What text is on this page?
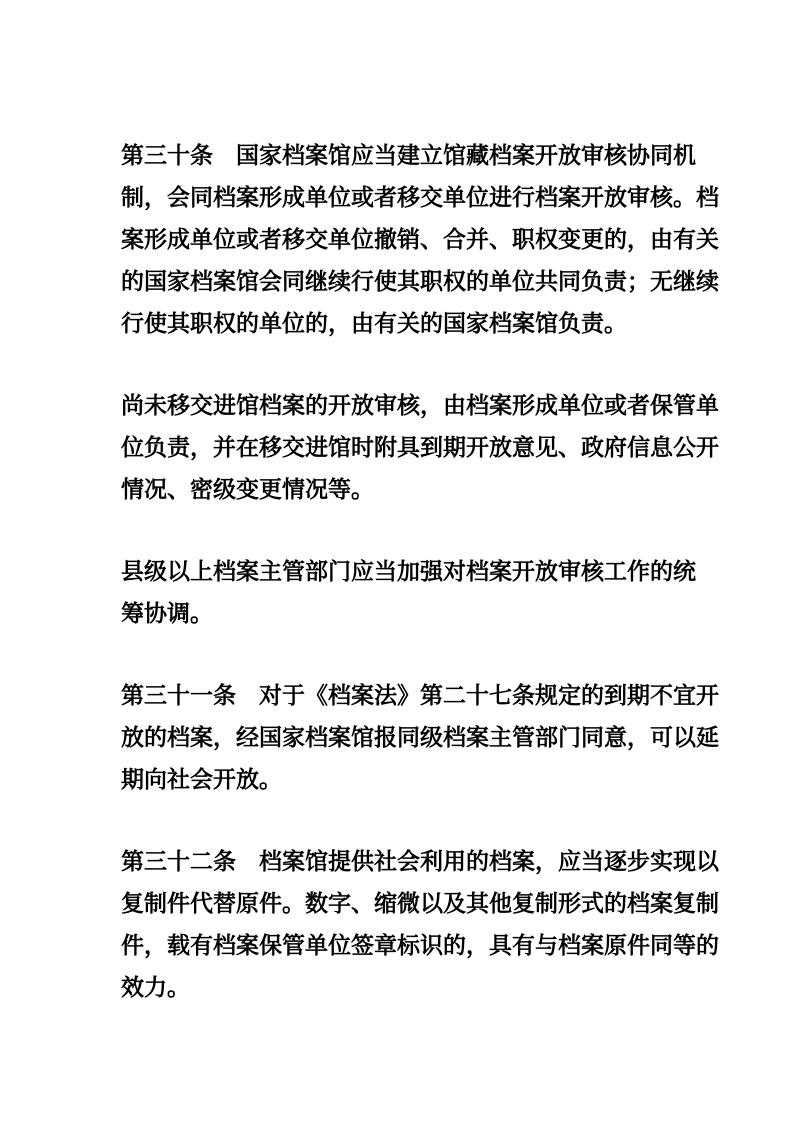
第三十条　国家档案馆应当建立馆藏档案开放审核协同机
制，会同档案形成单位或者移交单位进行档案开放审核。档
案形成单位或者移交单位撤销、合并、职权变更的，由有关
的国家档案馆会同继续行使其职权的单位共同负责；无继续
行使其职权的单位的，由有关的国家档案馆负责。
尚未移交进馆档案的开放审核，由档案形成单位或者保管单
位负责，并在移交进馆时附具到期开放意见、政府信息公开
情况、密级变更情况等。
县级以上档案主管部门应当加强对档案开放审核工作的统
筹协调。
第三十一条　对于《档案法》第二十七条规定的到期不宜开
放的档案，经国家档案馆报同级档案主管部门同意，可以延
期向社会开放。
第三十二条　档案馆提供社会利用的档案，应当逐步实现以
复制件代替原件。数字、缩微以及其他复制形式的档案复制
件，载有档案保管单位签章标识的，具有与档案原件同等的
效力。
